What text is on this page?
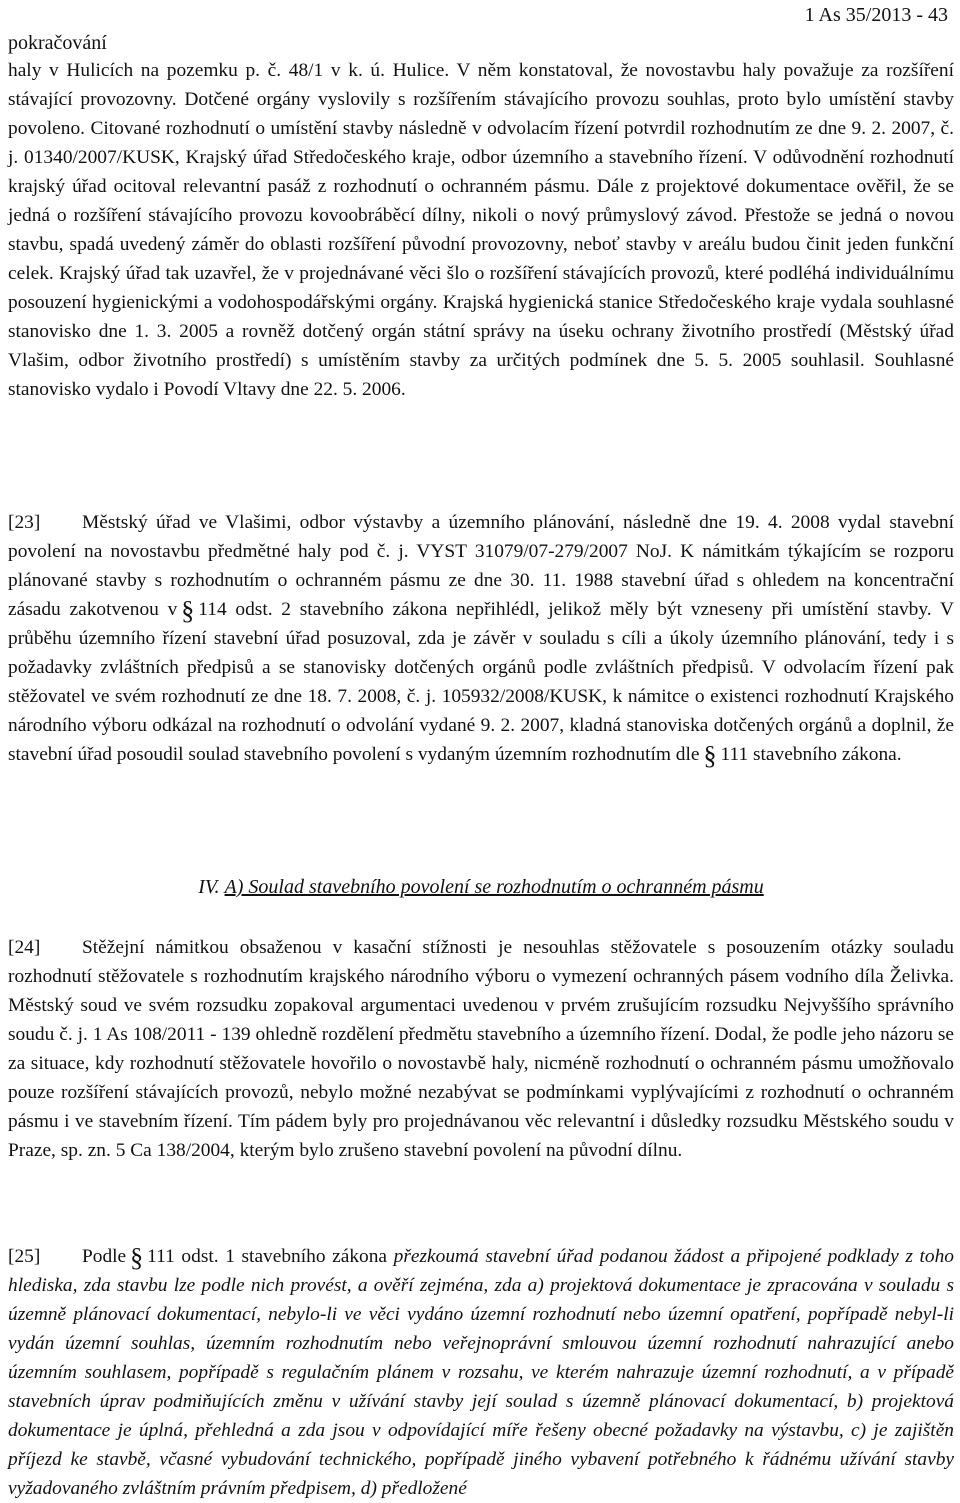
1 As 35/2013 - 43
pokračování

haly v Hulicích na pozemku p. č. 48/1 v k. ú. Hulice. V něm konstatoval, že novostavbu haly považuje za rozšíření stávající provozovny. Dotčené orgány vyslovily s rozšířením stávajícího provozu souhlas, proto bylo umístění stavby povoleno. Citované rozhodnutí o umístění stavby následně v odvolacím řízení potvrdil rozhodnutím ze dne 9. 2. 2007, č. j. 01340/2007/KUSK, Krajský úřad Středočeského kraje, odbor územního a stavebního řízení. V odůvodnění rozhodnutí krajský úřad ocitoval relevantní pasáž z rozhodnutí o ochranném pásmu. Dále z projektové dokumentace ověřil, že se jedná o rozšíření stávajícího provozu kovoobráběcí dílny, nikoli o nový průmyslový závod. Přestože se jedná o novou stavbu, spadá uvedený záměr do oblasti rozšíření původní provozovny, neboť stavby v areálu budou činit jeden funkční celek. Krajský úřad tak uzavřel, že v projednávané věci šlo o rozšíření stávajících provozů, které podléhá individuálnímu posouzení hygienickými a vodohospodářskými orgány. Krajská hygienická stanice Středočeského kraje vydala souhlasné stanovisko dne 1. 3. 2005 a rovněž dotčený orgán státní správy na úseku ochrany životního prostředí (Městský úřad Vlašim, odbor životního prostředí) s umístěním stavby za určitých podmínek dne 5. 5. 2005 souhlasil. Souhlasné stanovisko vydalo i Povodí Vltavy dne 22. 5. 2006.

[23] Městský úřad ve Vlašimi, odbor výstavby a územního plánování, následně dne 19. 4. 2008 vydal stavební povolení na novostavbu předmětné haly pod č. j. VYST 31079/07-279/2007 NoJ. K námitkám týkajícím se rozporu plánované stavby s rozhodnutím o ochranném pásmu ze dne 30. 11. 1988 stavební úřad s ohledem na koncentrační zásadu zakotvenou v § 114 odst. 2 stavebního zákona nepřihlédl, jelikož měly být vzneseny při umístění stavby. V průběhu územního řízení stavební úřad posuzoval, zda je závěr v souladu s cíli a úkoly územního plánování, tedy i s požadavky zvláštních předpisů a se stanovisky dotčených orgánů podle zvláštních předpisů. V odvolacím řízení pak stěžovatel ve svém rozhodnutí ze dne 18. 7. 2008, č. j. 105932/2008/KUSK, k námitce o existenci rozhodnutí Krajského národního výboru odkázal na rozhodnutí o odvolání vydané 9. 2. 2007, kladná stanoviska dotčených orgánů a doplnil, že stavební úřad posoudil soulad stavebního povolení s vydaným územním rozhodnutím dle § 111 stavebního zákona.

IV. A) Soulad stavebního povolení se rozhodnutím o ochranném pásmu

[24] Stěžejní námitkou obsaženou v kasační stížnosti je nesouhlas stěžovatele s posouzením otázky souladu rozhodnutí stěžovatele s rozhodnutím krajského národního výboru o vymezení ochranných pásem vodního díla Želivka. Městský soud ve svém rozsudku zopakoval argumentaci uvedenou v prvém zrušujícím rozsudku Nejvyššího správního soudu č. j. 1 As 108/2011 - 139 ohledně rozdělení předmětu stavebního a územního řízení. Dodal, že podle jeho názoru se za situace, kdy rozhodnutí stěžovatele hovořilo o novostavbě haly, nicméně rozhodnutí o ochranném pásmu umožňovalo pouze rozšíření stávajících provozů, nebylo možné nezabývat se podmínkami vyplývajícími z rozhodnutí o ochranném pásmu i ve stavebním řízení. Tím pádem byly pro projednávanou věc relevantní i důsledky rozsudku Městského soudu v Praze, sp. zn. 5 Ca 138/2004, kterým bylo zrušeno stavební povolení na původní dílnu.

[25] Podle § 111 odst. 1 stavebního zákona přezkoumá stavební úřad podanou žádost a připojené podklady z toho hlediska, zda stavbu lze podle nich provést, a ověří zejména, zda a) projektová dokumentace je zpracována v souladu s územně plánovací dokumentací, nebylo-li ve věci vydáno územní rozhodnutí nebo územní opatření, popřípadě nebyl-li vydán územní souhlas, územním rozhodnutím nebo veřejnoprávní smlouvou územní rozhodnutí nahrazující anebo územním souhlasem, popřípadě s regulačním plánem v rozsahu, ve kterém nahrazuje územní rozhodnutí, a v případě stavebních úprav podmiňujících změnu v užívání stavby její soulad s územně plánovací dokumentací, b) projektová dokumentace je úplná, přehledná a zda jsou v odpovídající míře řešeny obecné požadavky na výstavbu, c) je zajištěn příjezd ke stavbě, včasné vybudování technického, popřípadě jiného vybavení potřebného k řádnému užívání stavby vyžadovaného zvláštním právním předpisem, d) předložené
